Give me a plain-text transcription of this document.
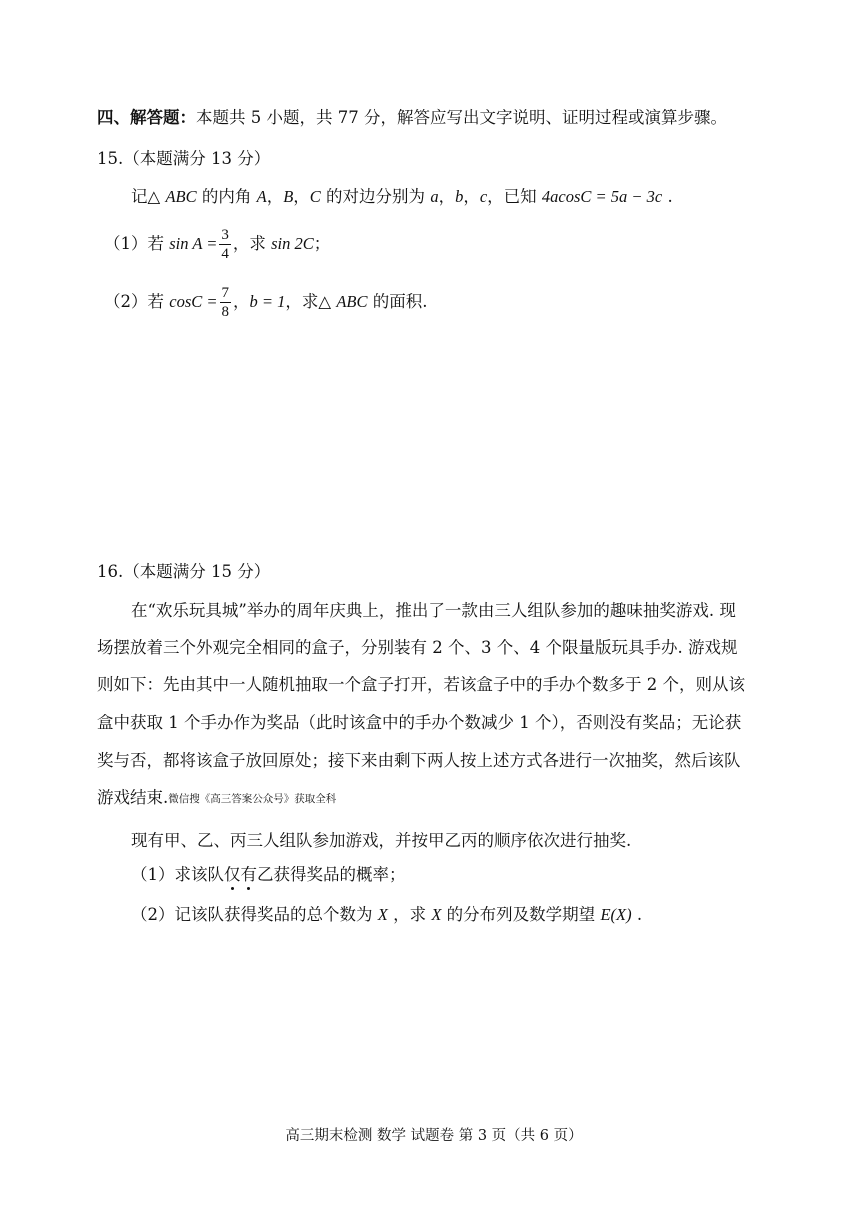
四、解答题：本题共 5 小题，共 77 分，解答应写出文字说明、证明过程或演算步骤。
15.（本题满分 13 分）
记△ ABC 的内角 A，B，C 的对边分别为 a，b，c，已知 4acosC = 5a − 3c .
（1）若 $\sin A = \frac{3}{4}$ ，求 sin 2C；
（2）若 $\cos C = \frac{7}{8}$ ，b = 1，求△ ABC 的面积.
16.（本题满分 15 分）
在“欢乐玩具城”举办的周年庆典上，推出了一款由三人组队参加的趣味抽奖游戏. 现
场摆放着三个外观完全相同的盒子，分别装有 2 个、3 个、4 个限量版玩具手办. 游戏规
则如下：先由其中一人随机抽取一个盒子打开，若该盒子中的手办个数多于 2 个，则从该
盒中获取 1 个手办作为奖品（此时该盒中的手办个数减少 1 个），否则没有奖品；无论获
奖与否，都将该盒子放回原处；接下来由剩下两人按上述方式各进行一次抽奖，然后该队
游戏结束.微信搜《高三答案公众号》获取全科
现有甲、乙、丙三人组队参加游戏，并按甲乙丙的顺序依次进行抽奖.
（1）求该队仅有乙获得奖品的概率；
（2）记该队获得奖品的总个数为 X ，求 X 的分布列及数学期望 E(X) .
高三期末检测 数学 试题卷 第 3 页（共 6 页）
